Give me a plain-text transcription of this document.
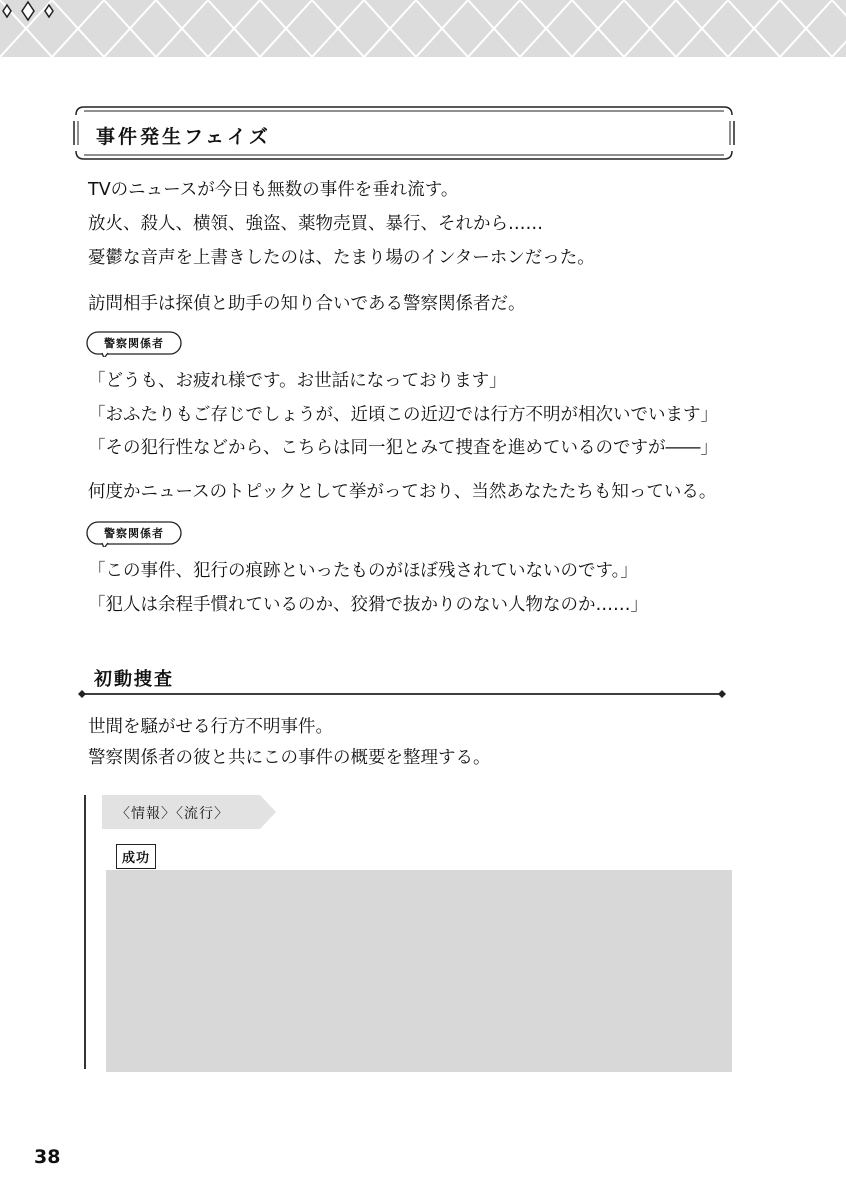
事件発生フェイズ
TVのニュースが今日も無数の事件を垂れ流す。
放火、殺人、横領、強盗、薬物売買、暴行、それから……
憂鬱な音声を上書きしたのは、たまり場のインターホンだった。
訪問相手は探偵と助手の知り合いである警察関係者だ。
警察関係者
「どうも、お疲れ様です。お世話になっております」
「おふたりもご存じでしょうが、近頃この近辺では行方不明が相次いでいます」
「その犯行性などから、こちらは同一犯とみて捜査を進めているのですが――」
何度かニュースのトピックとして挙がっており、当然あなたたちも知っている。
警察関係者
「この事件、犯行の痕跡といったものがほぼ残されていないのです。」
「犯人は余程手慣れているのか、狡猾で抜かりのない人物なのか……」
初動捜査
世間を騒がせる行方不明事件。
警察関係者の彼と共にこの事件の概要を整理する。
〈情報〉〈流行〉
成功
38
